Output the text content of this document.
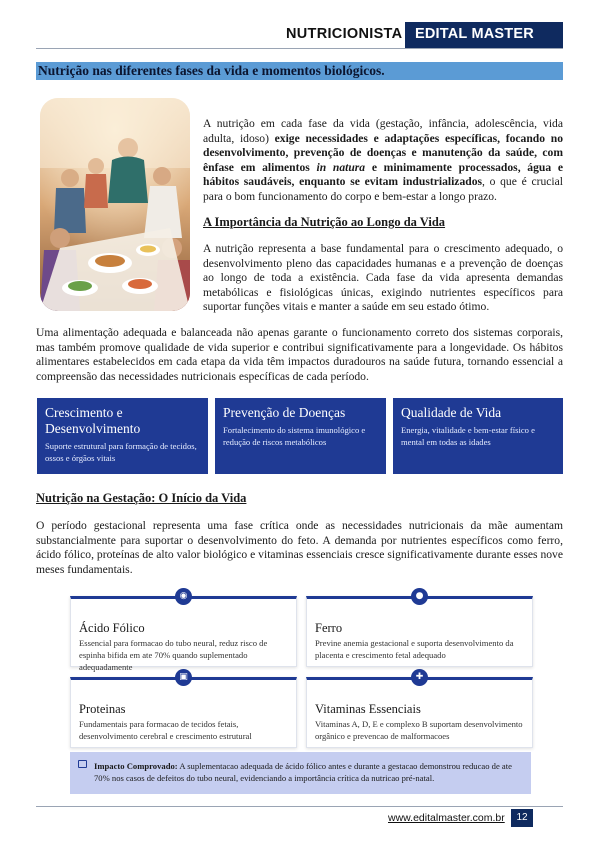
NUTRICIONISTA EDITAL MASTER
Nutrição nas diferentes fases da vida e momentos biológicos.
A nutrição em cada fase da vida (gestação, infância, adolescência, vida adulta, idoso) exige necessidades e adaptações específicas, focando no desenvolvimento, prevenção de doenças e manutenção da saúde, com ênfase em alimentos in natura e minimamente processados, água e hábitos saudáveis, enquanto se evitam industrializados, o que é crucial para o bom funcionamento do corpo e bem-estar a longo prazo.
A Importância da Nutrição ao Longo da Vida
A nutrição representa a base fundamental para o crescimento adequado, o desenvolvimento pleno das capacidades humanas e a prevenção de doenças ao longo de toda a existência. Cada fase da vida apresenta demandas metabólicas e fisiológicas únicas, exigindo nutrientes específicos para suportar funções vitais e manter a saúde em seu estado ótimo.
Uma alimentação adequada e balanceada não apenas garante o funcionamento correto dos sistemas corporais, mas também promove qualidade de vida superior e contribui significativamente para a longevidade. Os hábitos alimentares estabelecidos em cada etapa da vida têm impactos duradouros na saúde futura, tornando essencial a compreensão das necessidades nutricionais específicas de cada período.
Crescimento e Desenvolvimento
Suporte estrutural para formação de tecidos, ossos e órgãos vitais
Prevenção de Doenças
Fortalecimento do sistema imunológico e redução de riscos metabólicos
Qualidade de Vida
Energia, vitalidade e bem-estar físico e mental em todas as idades
Nutrição na Gestação: O Início da Vida
O período gestacional representa uma fase crítica onde as necessidades nutricionais da mãe aumentam substancialmente para suportar o desenvolvimento do feto. A demanda por nutrientes específicos como ferro, ácido fólico, proteínas de alto valor biológico e vitaminas essenciais cresce significativamente durante esses nove meses fundamentais.
Ácido Fólico
Essencial para formacao do tubo neural, reduz risco de espinha bifida em ate 70% quando suplementado adequadamente
◉
Ferro
Previne anemia gestacional e suporta desenvolvimento da placenta e crescimento fetal adequado
●
Proteinas
Fundamentais para formacao de tecidos fetais, desenvolvimento cerebral e crescimento estrutural
▣
Vitaminas Essenciais
Vitaminas A, D, E e complexo B suportam desenvolvimento orgânico e prevencao de malformacoes
✚
Impacto Comprovado: A suplementacao adequada de ácido fólico antes e durante a gestacao demonstrou reducao de ate 70% nos casos de defeitos do tubo neural, evidenciando a importância crítica da nutricao pré-natal.
www.editalmaster.com.br	12
